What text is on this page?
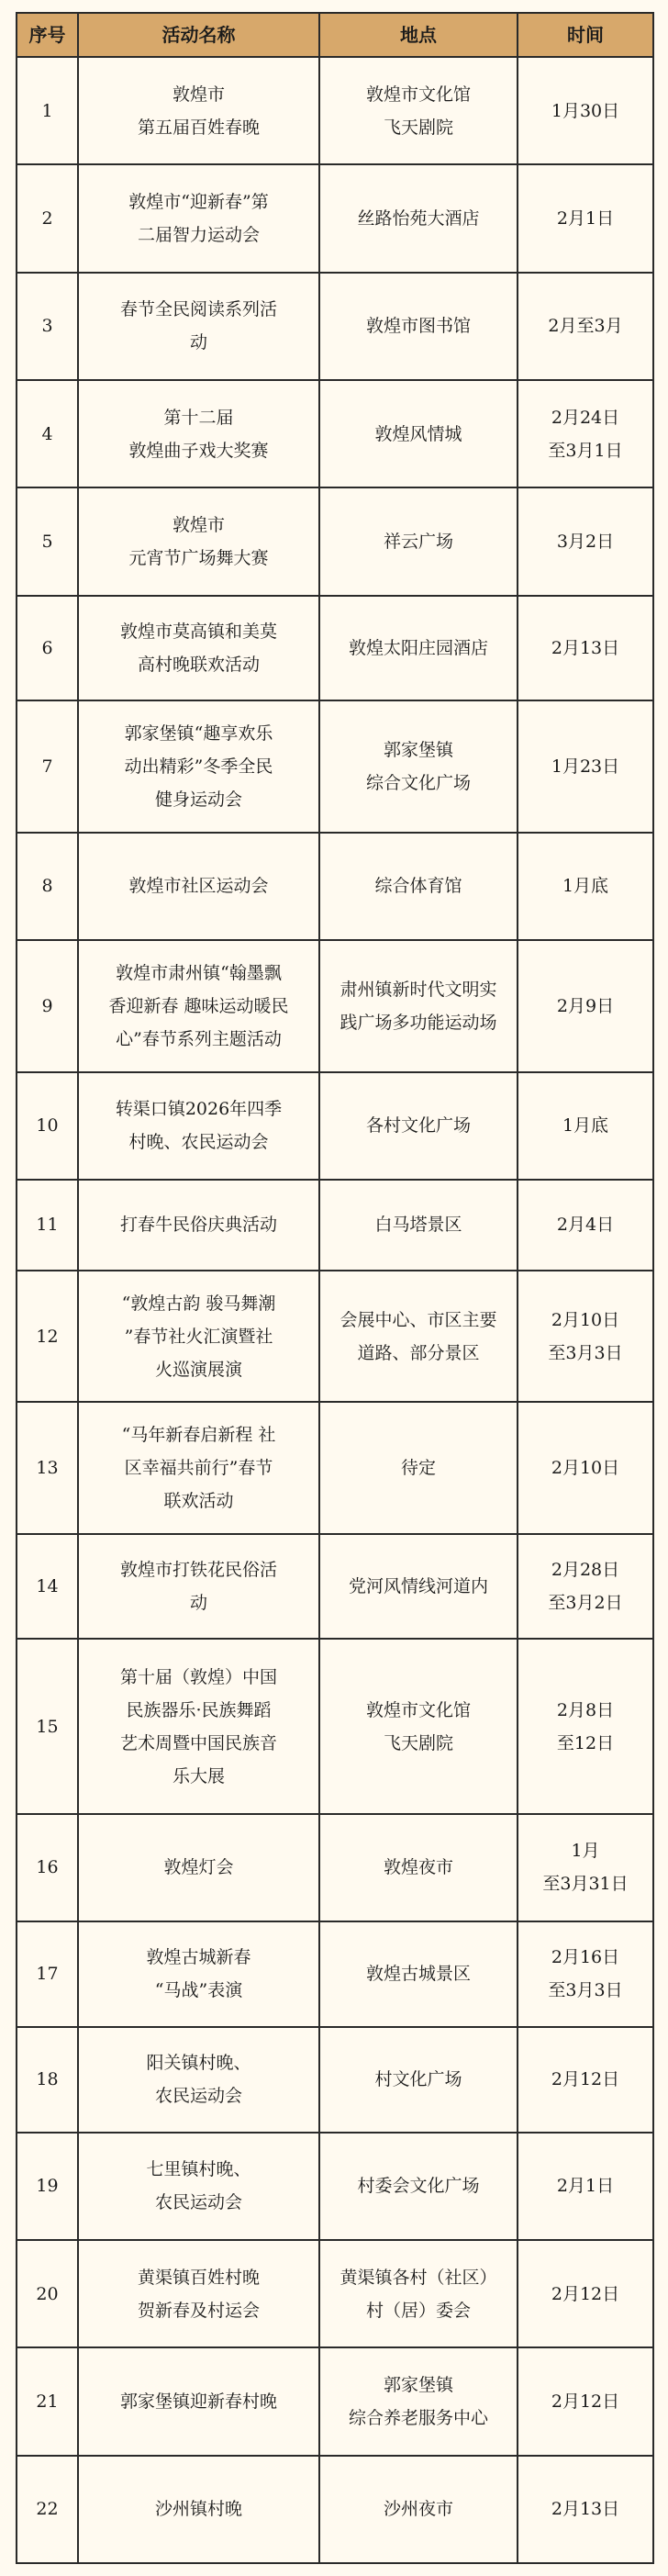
序号	活动名称	地点	时间

1	敦煌市
第五届百姓春晚	敦煌市文化馆
飞天剧院	1月30日

2	敦煌市“迎新春”第
二届智力运动会	丝路怡苑大酒店	2月1日

3	春节全民阅读系列活
动	敦煌市图书馆	2月至3月

4	第十二届
敦煌曲子戏大奖赛	敦煌风情城	2月24日
至3月1日

5	敦煌市
元宵节广场舞大赛	祥云广场	3月2日

6	敦煌市莫高镇和美莫
高村晚联欢活动	敦煌太阳庄园酒店	2月13日

7	郭家堡镇“趣享欢乐
动出精彩”冬季全民
健身运动会	郭家堡镇
综合文化广场	1月23日

8	敦煌市社区运动会	综合体育馆	1月底

9	敦煌市肃州镇“翰墨飘
香迎新春 趣味运动暖民
心”春节系列主题活动	肃州镇新时代文明实
践广场多功能运动场	2月9日

10	转渠口镇2026年四季
村晚、农民运动会	各村文化广场	1月底

11	打春牛民俗庆典活动	白马塔景区	2月4日

12	“敦煌古韵 骏马舞潮
”春节社火汇演暨社
火巡演展演	会展中心、市区主要
道路、部分景区	2月10日
至3月3日

13	“马年新春启新程 社
区幸福共前行”春节
联欢活动	待定	2月10日

14	敦煌市打铁花民俗活
动	党河风情线河道内	2月28日
至3月2日

15	第十届（敦煌）中国
民族器乐·民族舞蹈
艺术周暨中国民族音
乐大展	敦煌市文化馆
飞天剧院	2月8日
至12日

16	敦煌灯会	敦煌夜市	1月
至3月31日

17	敦煌古城新春
“马战”表演	敦煌古城景区	2月16日
至3月3日

18	阳关镇村晚、
农民运动会	村文化广场	2月12日

19	七里镇村晚、
农民运动会	村委会文化广场	2月1日

20	黄渠镇百姓村晚
贺新春及村运会	黄渠镇各村（社区）
村（居）委会	2月12日

21	郭家堡镇迎新春村晚	郭家堡镇
综合养老服务中心	2月12日

22	沙州镇村晚	沙州夜市	2月13日
